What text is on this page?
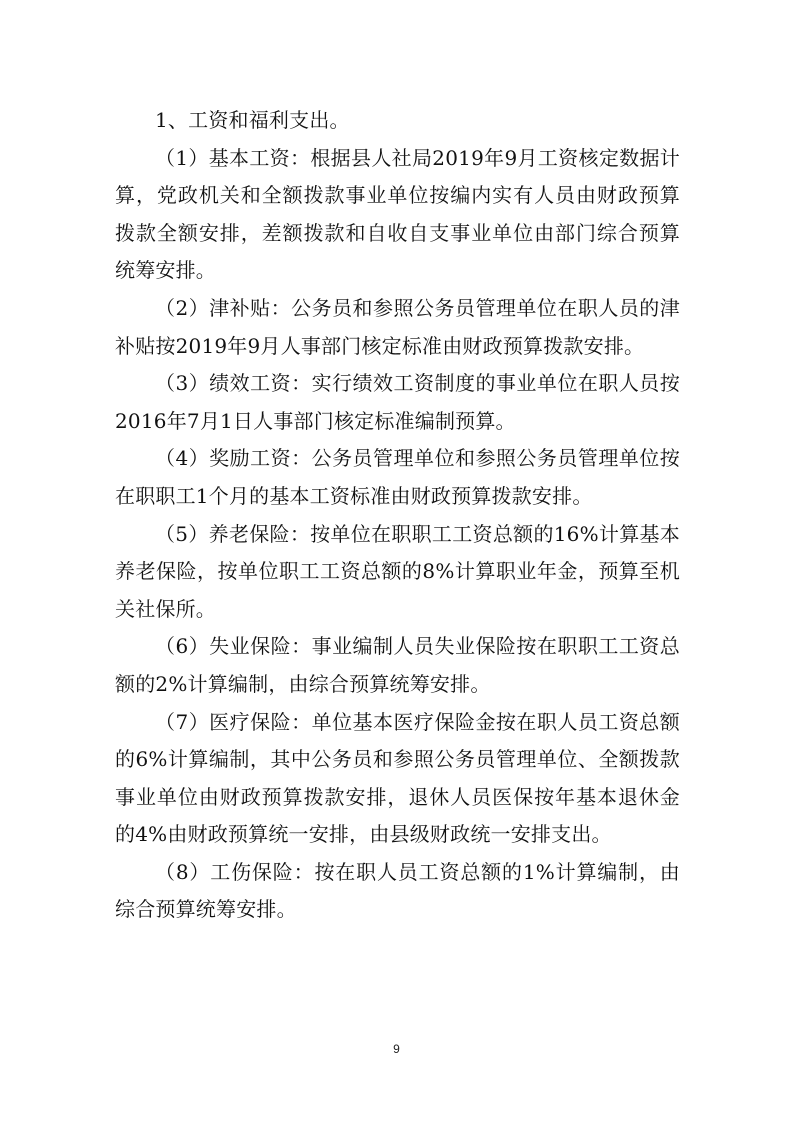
1、工资和福利支出。

（1）基本工资：根据县人社局2019年9月工资核定数据计算，党政机关和全额拨款事业单位按编内实有人员由财政预算拨款全额安排，差额拨款和自收自支事业单位由部门综合预算统筹安排。

（2）津补贴：公务员和参照公务员管理单位在职人员的津补贴按2019年9月人事部门核定标准由财政预算拨款安排。

（3）绩效工资：实行绩效工资制度的事业单位在职人员按2016年7月1日人事部门核定标准编制预算。

（4）奖励工资：公务员管理单位和参照公务员管理单位按在职职工1个月的基本工资标准由财政预算拨款安排。

（5）养老保险：按单位在职职工工资总额的16%计算基本养老保险，按单位职工工资总额的8%计算职业年金，预算至机关社保所。

（6）失业保险：事业编制人员失业保险按在职职工工资总额的2%计算编制，由综合预算统筹安排。

（7）医疗保险：单位基本医疗保险金按在职人员工资总额的6%计算编制，其中公务员和参照公务员管理单位、全额拨款事业单位由财政预算拨款安排，退休人员医保按年基本退休金的4%由财政预算统一安排，由县级财政统一安排支出。

（8）工伤保险：按在职人员工资总额的1%计算编制，由综合预算统筹安排。

9
